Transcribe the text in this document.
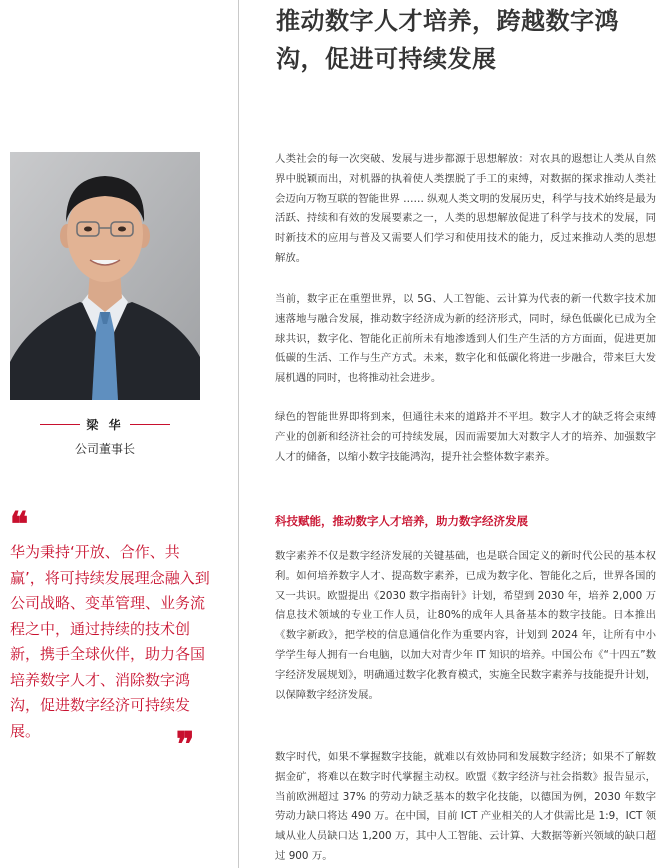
梁 华
公司董事长
❝
华为秉持‘开放、合作、共赢’，将可持续发展理念融入到公司战略、变革管理、业务流程之中，通过持续的技术创新，携手全球伙伴，助力各国培养数字人才、消除数字鸿沟，促进数字经济可持续发展。	❞
推动数字人才培养，跨越数字鸿沟，促进可持续发展

人类社会的每一次突破、发展与进步都源于思想解放：对农具的遐想让人类从自然界中脱颖而出，对机器的执着使人类摆脱了手工的束缚，对数据的探求推动人类社会迈向万物互联的智能世界 …… 纵观人类文明的发展历史，科学与技术始终是最为活跃、持续和有效的发展要素之一，人类的思想解放促进了科学与技术的发展，同时新技术的应用与普及又需要人们学习和使用技术的能力，反过来推动人类的思想解放。

当前，数字正在重塑世界，以 5G、人工智能、云计算为代表的新一代数字技术加速落地与融合发展，推动数字经济成为新的经济形式，同时，绿色低碳化已成为全球共识，数字化、智能化正前所未有地渗透到人们生产生活的方方面面，促进更加低碳的生活、工作与生产方式。未来，数字化和低碳化将进一步融合，带来巨大发展机遇的同时，也将推动社会进步。

绿色的智能世界即将到来，但通往未来的道路并不平坦。数字人才的缺乏将会束缚产业的创新和经济社会的可持续发展，因而需要加大对数字人才的培养、加强数字人才的储备，以缩小数字技能鸿沟，提升社会整体数字素养。

科技赋能，推动数字人才培养，助力数字经济发展

数字素养不仅是数字经济发展的关键基础，也是联合国定义的新时代公民的基本权利。如何培养数字人才、提高数字素养，已成为数字化、智能化之后，世界各国的又一共识。欧盟提出《2030 数字指南针》计划，希望到 2030 年，培养 2,000 万信息技术领域的专业工作人员，让80%的成年人具备基本的数字技能。日本推出《数字新政》，把学校的信息通信化作为重要内容，计划到 2024 年，让所有中小学学生每人拥有一台电脑，以加大对青少年 IT 知识的培养。中国公布《“十四五”数字经济发展规划》，明确通过数字化教育模式，实施全民数字素养与技能提升计划，以保障数字经济发展。

数字时代，如果不掌握数字技能，就难以有效协同和发展数字经济；如果不了解数据金矿，将难以在数字时代掌握主动权。欧盟《数字经济与社会指数》报告显示，当前欧洲超过 37% 的劳动力缺乏基本的数字化技能，以德国为例，2030 年数字劳动力缺口将达 490 万。在中国，目前 ICT 产业相关的人才供需比是 1:9，ICT 领域从业人员缺口达 1,200 万，其中人工智能、云计算、大数据等新兴领域的缺口超过 900 万。
